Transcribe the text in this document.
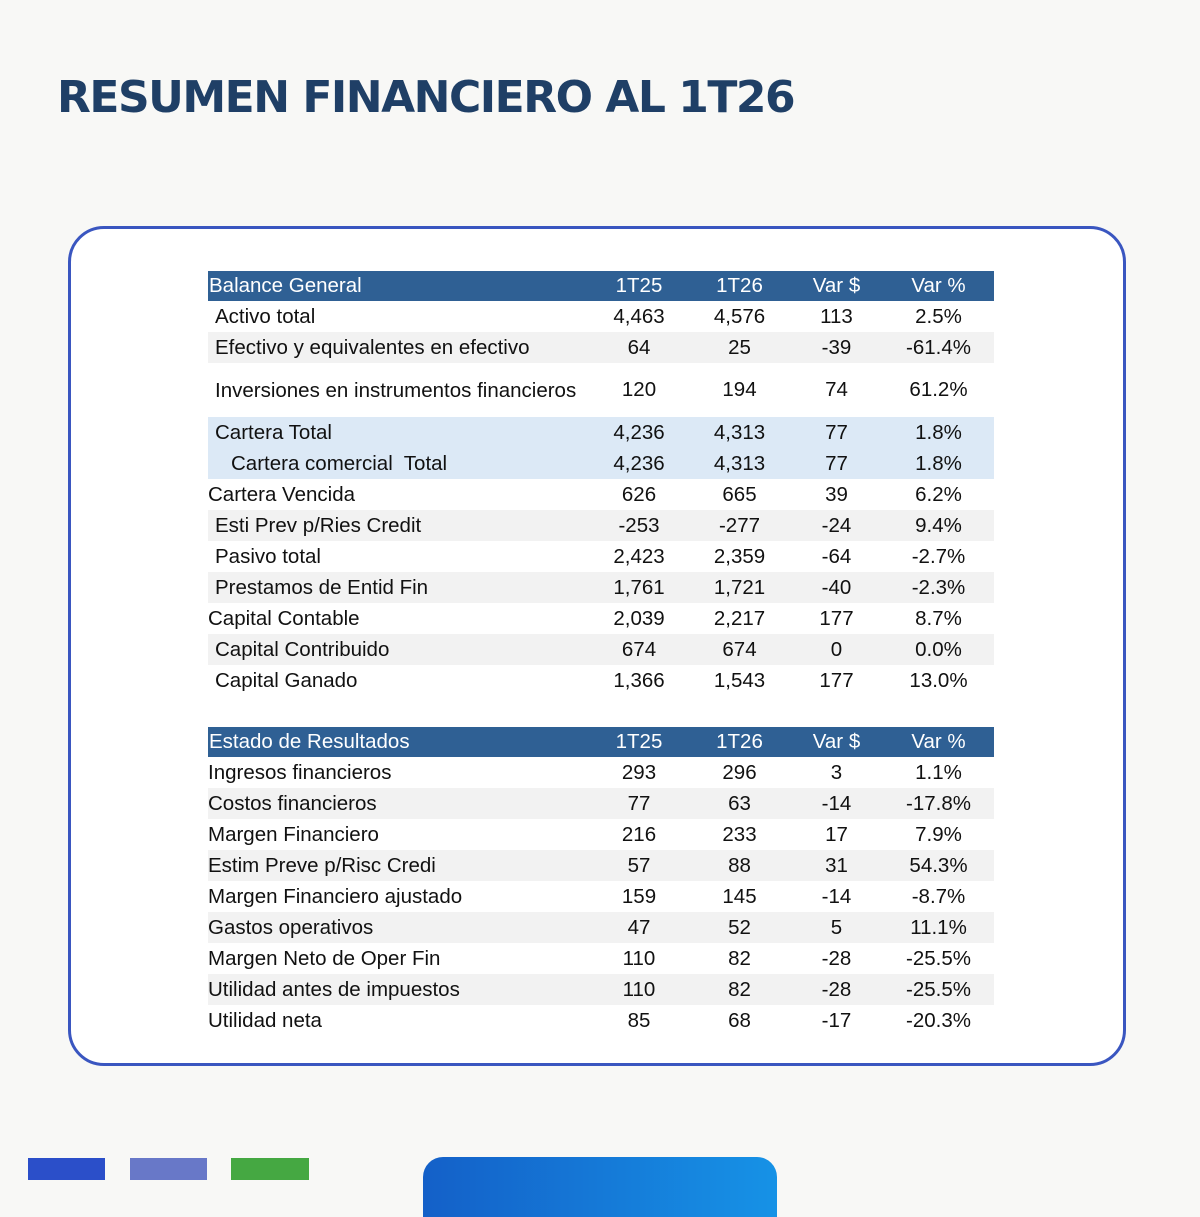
RESUMEN FINANCIERO AL 1T26
Balance General	1T25	1T26	Var $	Var %
Activo total	4,463	4,576	113	2.5%
Efectivo y equivalentes en efectivo	64	25	-39	-61.4%
Inversiones en instrumentos financieros	120	194	74	61.2%
Cartera Total	4,236	4,313	77	1.8%
Cartera comercial  Total	4,236	4,313	77	1.8%
Cartera Vencida	626	665	39	6.2%
Esti Prev p/Ries Credit	-253	-277	-24	9.4%
Pasivo total	2,423	2,359	-64	-2.7%
Prestamos de Entid Fin	1,761	1,721	-40	-2.3%
Capital Contable	2,039	2,217	177	8.7%
Capital Contribuido	674	674	0	0.0%
Capital Ganado	1,366	1,543	177	13.0%

Estado de Resultados	1T25	1T26	Var $	Var %
Ingresos financieros	293	296	3	1.1%
Costos financieros	77	63	-14	-17.8%
Margen Financiero	216	233	17	7.9%
Estim Preve p/Risc Credi	57	88	31	54.3%
Margen Financiero ajustado	159	145	-14	-8.7%
Gastos operativos	47	52	5	11.1%
Margen Neto de Oper Fin	110	82	-28	-25.5%
Utilidad antes de impuestos	110	82	-28	-25.5%
Utilidad neta	85	68	-17	-20.3%
